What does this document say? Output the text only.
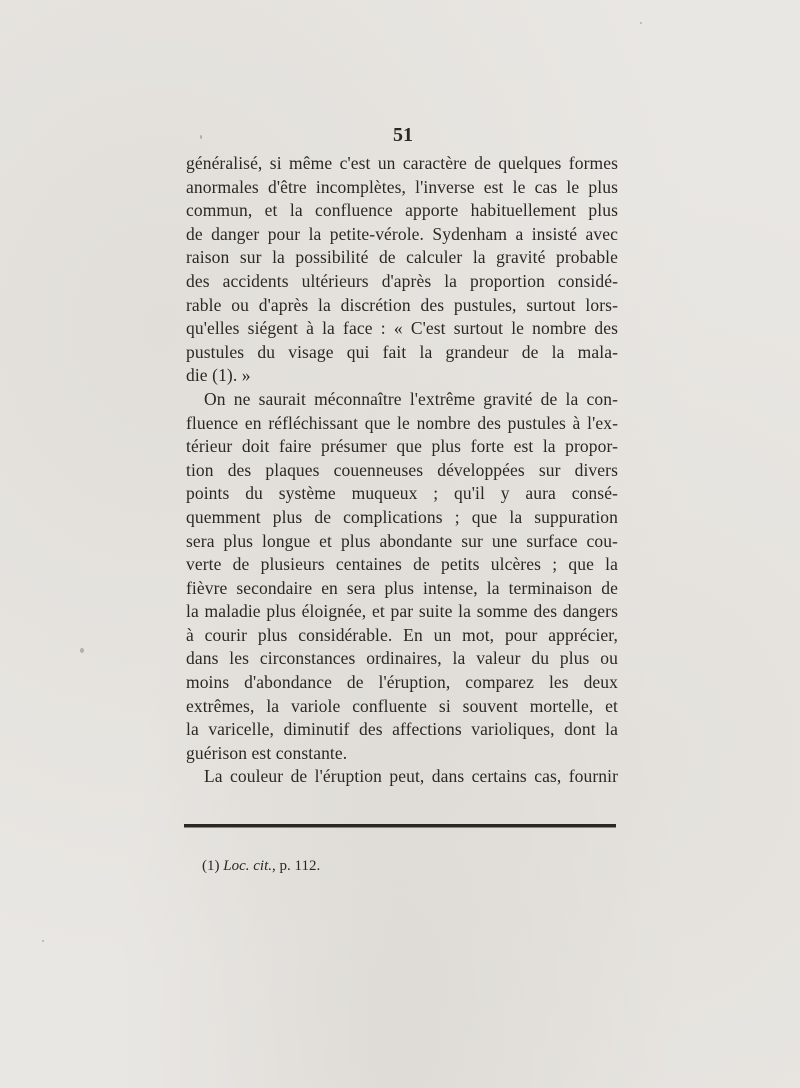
51
généralisé, si même c'est un caractère de quelques formes
anormales d'être incomplètes, l'inverse est le cas le plus
commun, et la confluence apporte habituellement plus
de danger pour la petite-vérole. Sydenham a insisté avec
raison sur la possibilité de calculer la gravité probable
des accidents ultérieurs d'après la proportion considé-
rable ou d'après la discrétion des pustules, surtout lors-
qu'elles siégent à la face : « C'est surtout le nombre des
pustules du visage qui fait la grandeur de la mala-
die (1). »
On ne saurait méconnaître l'extrême gravité de la con-
fluence en réfléchissant que le nombre des pustules à l'ex-
térieur doit faire présumer que plus forte est la propor-
tion des plaques couenneuses développées sur divers
points du système muqueux ; qu'il y aura consé-
quemment plus de complications ; que la suppuration
sera plus longue et plus abondante sur une surface cou-
verte de plusieurs centaines de petits ulcères ; que la
fièvre secondaire en sera plus intense, la terminaison de
la maladie plus éloignée, et par suite la somme des dangers
à courir plus considérable. En un mot, pour apprécier,
dans les circonstances ordinaires, la valeur du plus ou
moins d'abondance de l'éruption, comparez les deux
extrêmes, la variole confluente si souvent mortelle, et
la varicelle, diminutif des affections varioliques, dont la
guérison est constante.
La couleur de l'éruption peut, dans certains cas, fournir
(1) Loc. cit., p. 112.
